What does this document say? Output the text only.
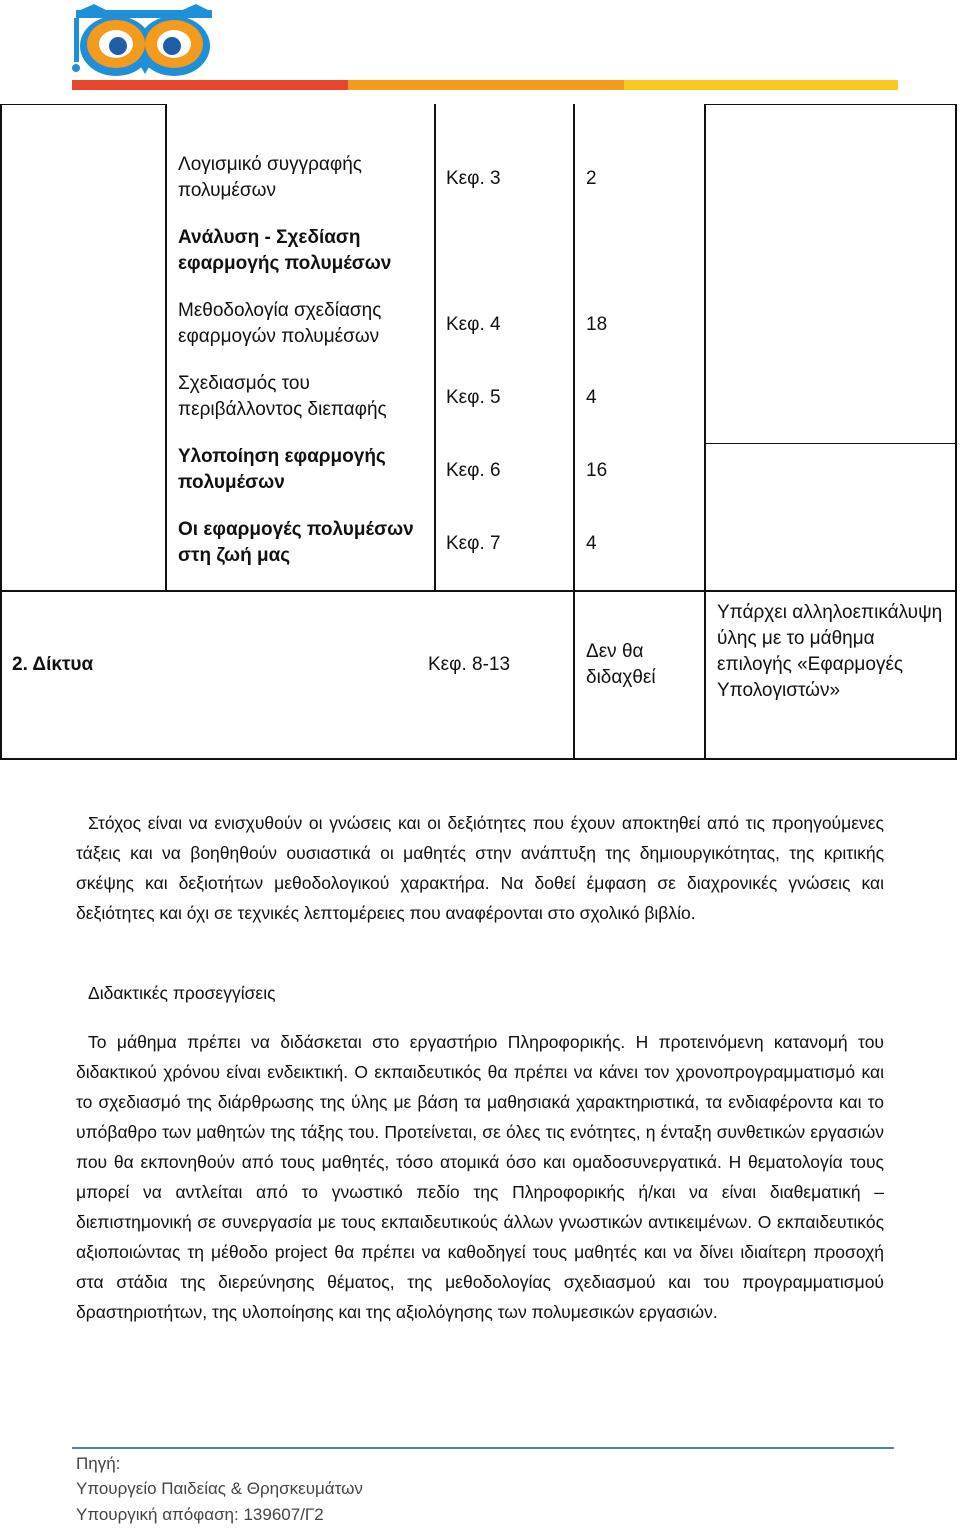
Λογισμικό συγγραφής πολυμέσων
Ανάλυση - Σχεδίαση εφαρμογής πολυμέσων
Μεθοδολογία σχεδίασης εφαρμογών πολυμέσων
Σχεδιασμός του περιβάλλοντος διεπαφής
Υλοποίηση εφαρμογής πολυμέσων
Οι εφαρμογές πολυμέσων στη ζωή μας
Κεφ. 3
Κεφ. 4
Κεφ. 5
Κεφ. 6
Κεφ. 7
2
18
4
16
4
2. Δίκτυα	Κεφ. 8-13
Δεν θα διδαχθεί
Υπάρχει αλληλοεπικάλυψη ύλης με το μάθημα επιλογής «Εφαρμογές Υπολογιστών»
Στόχος είναι να ενισχυθούν οι γνώσεις και οι δεξιότητες που έχουν αποκτηθεί από τις προηγούμενες τάξεις και να βοηθηθούν ουσιαστικά οι μαθητές στην ανάπτυξη της δημιουργικότητας, της κριτικής σκέψης και δεξιοτήτων μεθοδολογικού χαρακτήρα. Να δοθεί έμφαση σε διαχρονικές γνώσεις και δεξιότητες και όχι σε τεχνικές λεπτομέρειες που αναφέρονται στο σχολικό βιβλίο.
Διδακτικές προσεγγίσεις
Το μάθημα πρέπει να διδάσκεται στο εργαστήριο Πληροφορικής. Η προτεινόμενη κατανομή του διδακτικού χρόνου είναι ενδεικτική. Ο εκπαιδευτικός θα πρέπει να κάνει τον χρονοπρογραμματισμό και το σχεδιασμό της διάρθρωσης της ύλης με βάση τα μαθησιακά χαρακτηριστικά, τα ενδιαφέροντα και το υπόβαθρο των μαθητών της τάξης του. Προτείνεται, σε όλες τις ενότητες, η ένταξη συνθετικών εργασιών που θα εκπονηθούν από τους μαθητές, τόσο ατομικά όσο και ομαδοσυνεργατικά. Η θεματολογία τους μπορεί να αντλείται από το γνωστικό πεδίο της Πληροφορικής ή/και να είναι διαθεματική – διεπιστημονική σε συνεργασία με τους εκπαιδευτικούς άλλων γνωστικών αντικειμένων. Ο εκπαιδευτικός αξιοποιώντας τη μέθοδο project θα πρέπει να καθοδηγεί τους μαθητές και να δίνει ιδιαίτερη προσοχή στα στάδια της διερεύνησης θέματος, της μεθοδολογίας σχεδιασμού και του προγραμματισμού δραστηριοτήτων, της υλοποίησης και της αξιολόγησης των πολυμεσικών εργασιών.
Πηγή:
Υπουργείο Παιδείας & Θρησκευμάτων
Υπουργική απόφαση: 139607/Γ2
